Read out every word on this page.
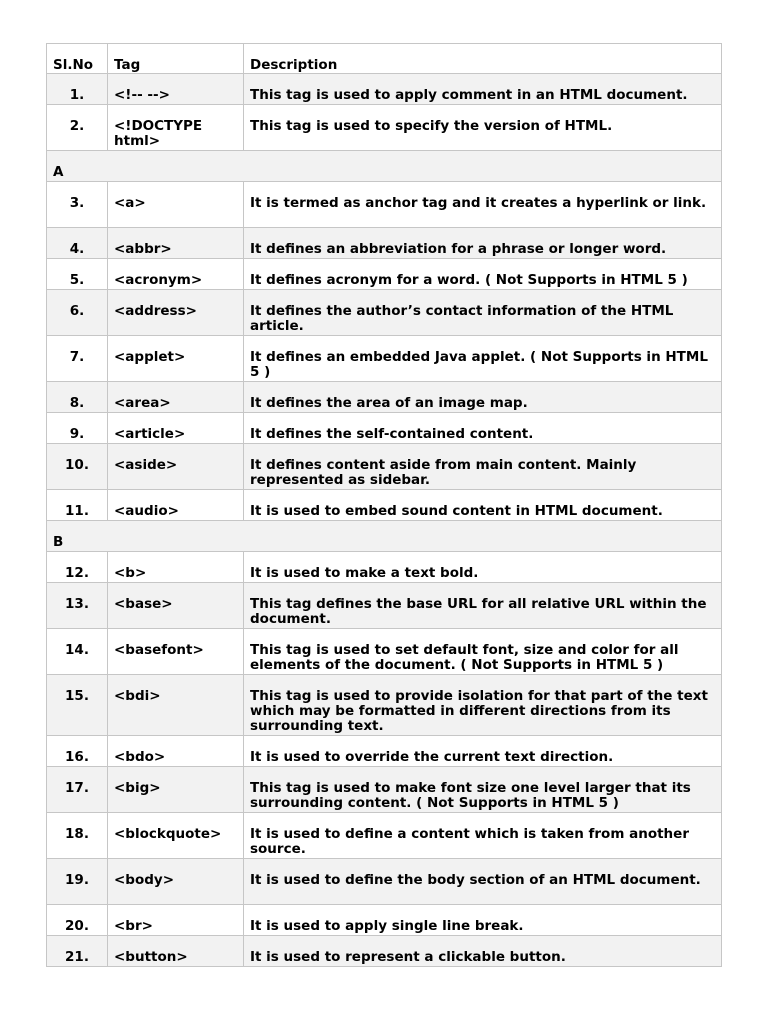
Sl.No	Tag	Description
1.	<!-- -->	This tag is used to apply comment in an HTML document.
2.	<!DOCTYPE html>	This tag is used to specify the version of HTML.
A		
3.	<a>	It is termed as anchor tag and it creates a hyperlink or link.
4.	<abbr>	It defines an abbreviation for a phrase or longer word.
5.	<acronym>	It defines acronym for a word. ( Not Supports in HTML 5 )
6.	<address>	It defines the author’s contact information of the HTML article.
7.	<applet>	It defines an embedded Java applet. ( Not Supports in HTML 5 )
8.	<area>	It defines the area of an image map.
9.	<article>	It defines the self-contained content.
10.	<aside>	It defines content aside from main content. Mainly represented as sidebar.
11.	<audio>	It is used to embed sound content in HTML document.
B		
12.	<b>	It is used to make a text bold.
13.	<base>	This tag defines the base URL for all relative URL within the document.
14.	<basefont>	This tag is used to set default font, size and color for all elements of the document. ( Not Supports in HTML 5 )
15.	<bdi>	This tag is used to provide isolation for that part of the text which may be formatted in different directions from its surrounding text.
16.	<bdo>	It is used to override the current text direction.
17.	<big>	This tag is used to make font size one level larger that its surrounding content. ( Not Supports in HTML 5 )
18.	<blockquote>	It is used to define a content which is taken from another source.
19.	<body>	It is used to define the body section of an HTML document.
20.	<br>	It is used to apply single line break.
21.	<button>	It is used to represent a clickable button.
